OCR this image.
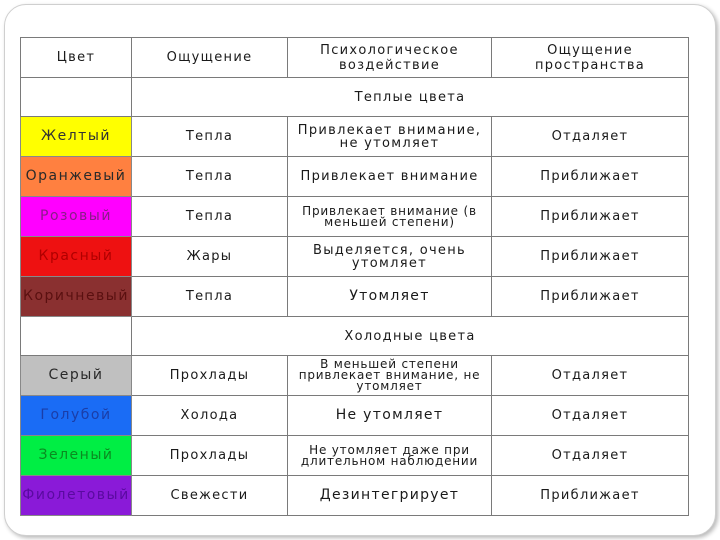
Цвет	Ощущение	Психологическое воздействие	Ощущение пространства
	Теплые цвета		
Желтый	Тепла	Привлекает внимание, не утомляет	Отдаляет
Оранжевый	Тепла	Привлекает внимание	Приближает
Розовый	Тепла	Привлекает внимание (в меньшей степени)	Приближает
Красный	Жары	Выделяется, очень утомляет	Приближает
Коричневый	Тепла	Утомляет	Приближает
	Холодные цвета		
Серый	Прохлады	В меньшей степени привлекает внимание, не утомляет	Отдаляет
Голубой	Холода	Не утомляет	Отдаляет
Зеленый	Прохлады	Не утомляет даже при длительном наблюдении	Отдаляет
Фиолетовый	Свежести	Дезинтегрирует	Приближает
